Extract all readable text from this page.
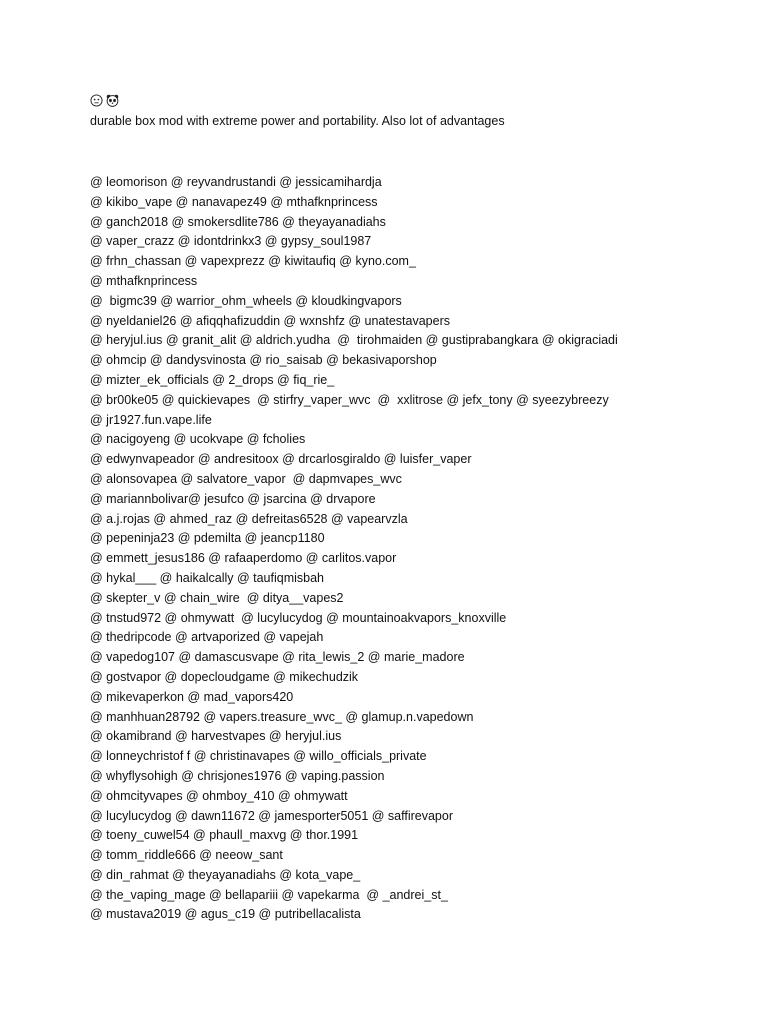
durable box mod with extreme power and portability. Also lot of advantages
@ leomorison @ reyvandrustandi @ jessicamihardja
@ kikibo_vape @ nanavapez49 @ mthafknprincess
@ ganch2018 @ smokersdlite786 @ theyayanadiahs
@ vaper_crazz @ idontdrinkx3 @ gypsy_soul1987
@ frhn_chassan @ vapexprezz @ kiwitaufiq @ kyno.com_
@ mthafknprincess
@  bigmc39 @ warrior_ohm_wheels @ kloudkingvapors
@ nyeldaniel26 @ afiqqhafizuddin @ wxnshfz @ unatestavapers
@ heryjul.ius @ granit_alit @ aldrich.yudha  @  tirohmaiden @ gustiprabangkara @ okigraciadi
@ ohmcip @ dandysvinosta @ rio_saisab @ bekasivaporshop
@ mizter_ek_officials @ 2_drops @ fiq_rie_
@ br00ke05 @ quickievapes  @ stirfry_vaper_wvc  @  xxlitrose @ jefx_tony @ syeezybreezy
@ jr1927.fun.vape.life
@ nacigoyeng @ ucokvape @ fcholies
@ edwynvapeador @ andresitoox @ drcarlosgiraldo @ luisfer_vaper
@ alonsovapea @ salvatore_vapor  @ dapmvapes_wvc
@ mariannbolivar@ jesufco @ jsarcina @ drvapore
@ a.j.rojas @ ahmed_raz @ defreitas6528 @ vapearvzla
@ pepeninja23 @ pdemilta @ jeancp1180
@ emmett_jesus186 @ rafaaperdomo @ carlitos.vapor
@ hykal___ @ haikalcally @ taufiqmisbah
@ skepter_v @ chain_wire  @ ditya__vapes2
@ tnstud972 @ ohmywatt  @ lucylucydog @ mountainoakvapors_knoxville
@ thedripcode @ artvaporized @ vapejah
@ vapedog107 @ damascusvape @ rita_lewis_2 @ marie_madore
@ gostvapor @ dopecloudgame @ mikechudzik
@ mikevaperkon @ mad_vapors420
@ manhhuan28792 @ vapers.treasure_wvc_ @ glamup.n.vapedown
@ okamibrand @ harvestvapes @ heryjul.ius
@ lonneychristof f @ christinavapes @ willo_officials_private
@ whyflysohigh @ chrisjones1976 @ vaping.passion
@ ohmcityvapes @ ohmboy_410 @ ohmywatt
@ lucylucydog @ dawn11672 @ jamesporter5051 @ saffirevapor
@ toeny_cuwel54 @ phaull_maxvg @ thor.1991
@ tomm_riddle666 @ neeow_sant
@ din_rahmat @ theyayanadiahs @ kota_vape_
@ the_vaping_mage @ bellapariii @ vapekarma  @ _andrei_st_
@ mustava2019 @ agus_c19 @ putribellacalista
